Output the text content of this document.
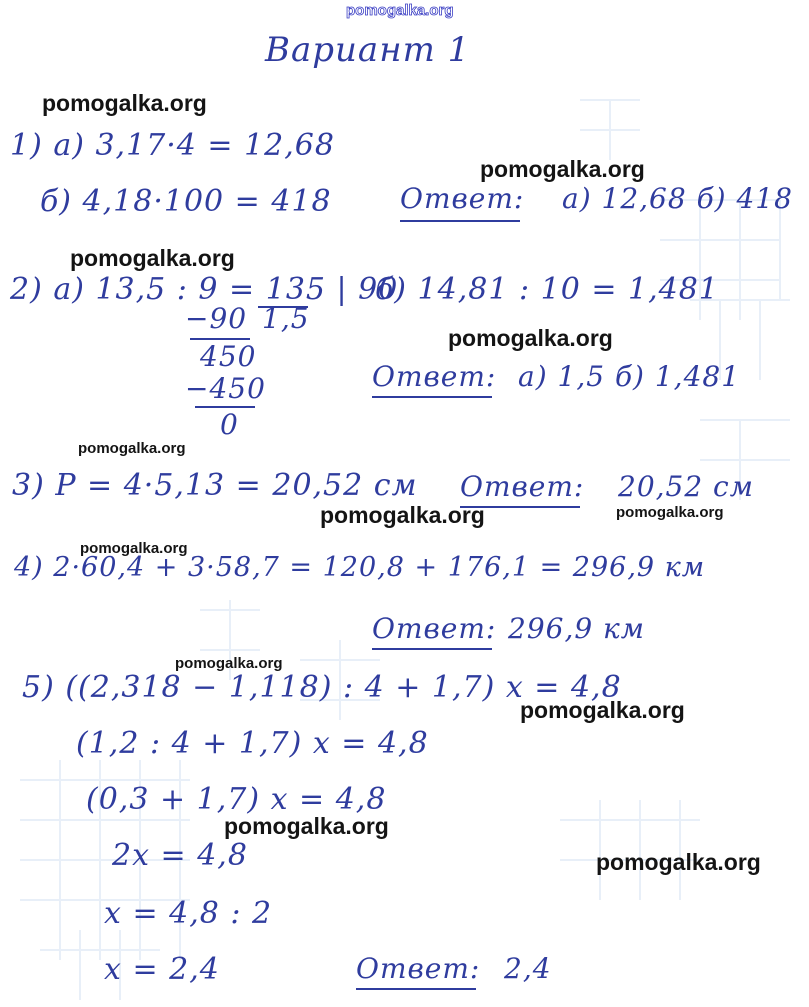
pomogalka.org
Вариант 1
pomogalka.org
pomogalka.org
pomogalka.org
pomogalka.org
pomogalka.org
pomogalka.org	pomogalka.org
pomogalka.org
pomogalka.org
pomogalka.org
pomogalka.org
pomogalka.org
1) а) 3,17·4 = 12,68
б) 4,18·100 = 418 Ответ: а) 12,68 б) 418
2) а) 13,5 : 9 = 135 | 90
−90 1,5
450
−450
0
б) 14,81 : 10 = 1,481
Ответ: а) 1,5 б) 1,481
3) P = 4·5,13 = 20,52 см Ответ: 20,52 см
4) 2·60,4 + 3·58,7 = 120,8 + 176,1 = 296,9 км
Ответ: 296,9 км
5) ((2,318 − 1,118) : 4 + 1,7) x = 4,8
(1,2 : 4 + 1,7) x = 4,8
(0,3 + 1,7) x = 4,8
2x = 4,8
x = 4,8 : 2
x = 2,4	Ответ: 2,4
